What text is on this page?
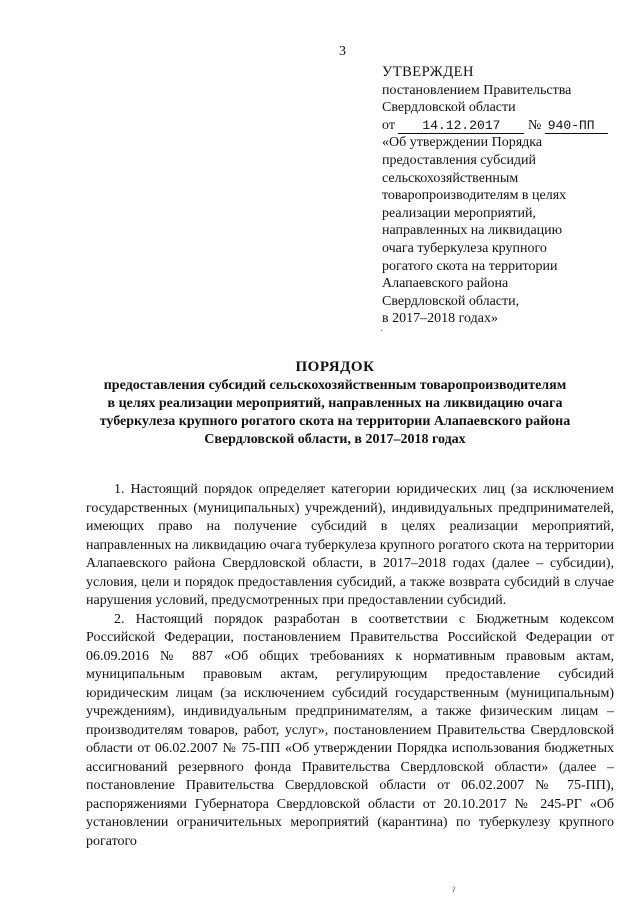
3
УТВЕРЖДЕН
постановлением Правительства
Свердловской области
от 14.12.2017 № 940-ПП
«Об утверждении Порядка
предоставления субсидий
сельскохозяйственным
товаропроизводителям в целях
реализации мероприятий,
направленных на ликвидацию
очага туберкулеза крупного
рогатого скота на территории
Алапаевского района
Свердловской области,
в 2017–2018 годах»
·
ПОРЯДОК
предоставления субсидий сельскохозяйственным товаропроизводителям
в целях реализации мероприятий, направленных на ликвидацию очага
туберкулеза крупного рогатого скота на территории Алапаевского района
Свердловской области, в 2017–2018 годах

1. Настоящий порядок определяет категории юридических лиц (за исключением государственных (муниципальных) учреждений), индивидуальных предпринимателей, имеющих право на получение субсидий в целях реализации мероприятий, направленных на ликвидацию очага туберкулеза крупного рогатого скота на территории Алапаевского района Свердловской области, в 2017–2018 годах (далее – субсидии), условия, цели и порядок предоставления субсидий, а также возврата субсидий в случае нарушения условий, предусмотренных при предоставлении субсидий.

2. Настоящий порядок разработан в соответствии с Бюджетным кодексом Российской Федерации, постановлением Правительства Российской Федерации от 06.09.2016 № 887 «Об общих требованиях к нормативным правовым актам, муниципальным правовым актам, регулирующим предоставление субсидий юридическим лицам (за исключением субсидий государственным (муниципальным) учреждениям), индивидуальным предпринимателям, а также физическим лицам – производителям товаров, работ, услуг», постановлением Правительства Свердловской области от 06.02.2007 № 75-ПП «Об утверждении Порядка использования бюджетных ассигнований резервного фонда Правительства Свердловской области» (далее – постановление Правительства Свердловской области от 06.02.2007 № 75-ПП), распоряжениями Губернатора Свердловской области от 20.10.2017 № 245-РГ «Об установлении ограничительных мероприятий (карантина) по туберкулезу крупного рогатого

ˀ
